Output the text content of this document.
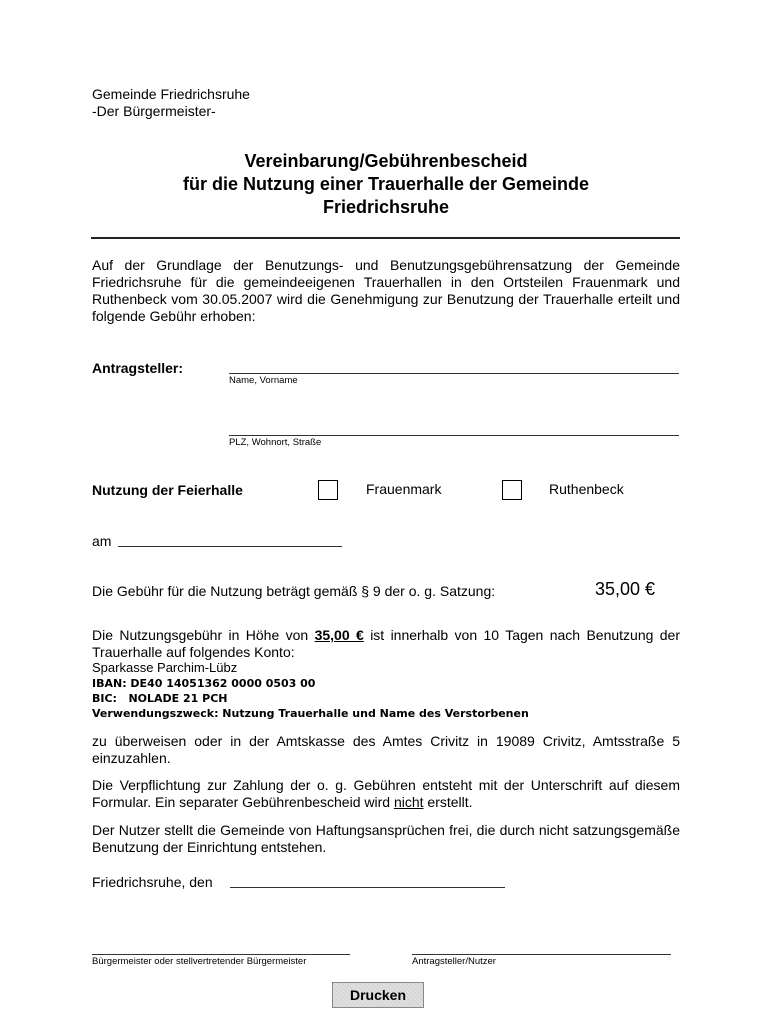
Gemeinde Friedrichsruhe
-Der Bürgermeister-
Vereinbarung/Gebührenbescheid
für die Nutzung einer Trauerhalle der Gemeinde
Friedrichsruhe
Auf der Grundlage der Benutzungs- und Benutzungsgebührensatzung der Gemeinde Friedrichsruhe für die gemeindeeigenen Trauerhallen in den Ortsteilen Frauenmark und Ruthenbeck vom 30.05.2007 wird die Genehmigung zur Benutzung der Trauerhalle erteilt und folgende Gebühr erhoben:
Antragsteller:
Name, Vorname
PLZ, Wohnort, Straße
Nutzung der Feierhalle	Frauenmark	Ruthenbeck
am
Die Gebühr für die Nutzung beträgt gemäß § 9 der o. g. Satzung:	35,00 €
Die Nutzungsgebühr in Höhe von 35,00 € ist innerhalb von 10 Tagen nach Benutzung der Trauerhalle auf folgendes Konto:
Sparkasse Parchim-Lübz
IBAN: DE40 14051362 0000 0503 00
BIC:   NOLADE 21 PCH
Verwendungszweck: Nutzung Trauerhalle und Name des Verstorbenen
zu überweisen oder in der Amtskasse des Amtes Crivitz in 19089 Crivitz, Amtsstraße 5 einzuzahlen.
Die Verpflichtung zur Zahlung der o. g. Gebühren entsteht mit der Unterschrift auf diesem Formular. Ein separater Gebührenbescheid wird nicht erstellt.
Der Nutzer stellt die Gemeinde von Haftungsansprüchen frei, die durch nicht satzungsgemäße Benutzung der Einrichtung entstehen.
Friedrichsruhe, den
Bürgermeister oder stellvertretender Bürgermeister	Antragsteller/Nutzer
Drucken
